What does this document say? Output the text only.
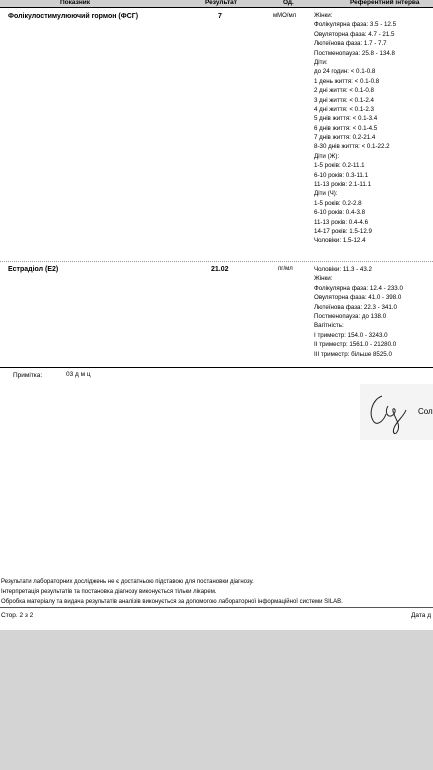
Показник	Результат	Од.	Референтний інтерва
Фолікулостимулюючий гормон (ФСГ)	7	мМО/мл	Жінки:
Фолікулярна фаза: 3.5 - 12.5
Овуляторна фаза: 4.7 - 21.5
Лютеїнова фаза: 1.7 - 7.7
Постменопауза: 25.8 - 134.8
Діти:
до 24 годин: < 0.1-0.8
1 день життя: < 0.1-0.8
2 дні життя: < 0.1-0.8
3 дні життя: < 0.1-2.4
4 дні життя: < 0.1-2.3
5 днів життя: < 0.1-3.4
6 днів життя: < 0.1-4.5
7 днів життя: 0.2-21.4
8-30 днів життя: < 0.1-22.2
Діти (Ж):
1-5 років: 0.2-11.1
6-10 років: 0.3-11.1
11-13 років: 2.1-11.1
Діти (Ч):
1-5 років: 0.2-2.8
6-10 років: 0.4-3.8
11-13 років: 0.4-4.6
14-17 років: 1.5-12.9
Чоловіки: 1.5-12.4
Естрадіол (E2)	21.02	пг/мл	Чоловіки: 11.3 - 43.2
Жінки:
Фолікулярна фаза: 12.4 - 233.0
Овуляторна фаза: 41.0 - 398.0
Лютеїнова фаза: 22.3 - 341.0
Постменопауза: до 138.0
Вагітність:
I триместр: 154.0 - 3243.0
II триместр: 1561.0 - 21280.0
III триместр: більше 8525.0
Примітка:	03 д м ц
Сол
Результати лабораторних досліджень не є достатньою підставою для постановки діагнозу.
Інтерпретація результатів та постановка діагнозу виконується тільки лікарем.
Обробка матеріалу та видача результатів аналізів виконується за допомогою лабораторної інформаційної системи SILAB.
Стор. 2 з 2	Дата д
